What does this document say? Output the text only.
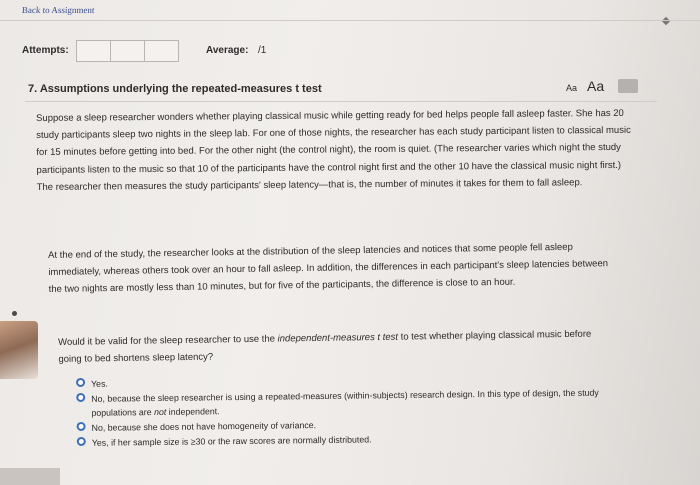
Back to Assignment
Attempts:	Average: /1
7. Assumptions underlying the repeated-measures t test	Aa Aa
Suppose a sleep researcher wonders whether playing classical music while getting ready for bed helps people fall asleep faster. She has 20 study participants sleep two nights in the sleep lab. For one of those nights, the researcher has each study participant listen to classical music for 15 minutes before getting into bed. For the other night (the control night), the room is quiet. (The researcher varies which night the study participants listen to the music so that 10 of the participants have the control night first and the other 10 have the classical music night first.) The researcher then measures the study participants' sleep latency—that is, the number of minutes it takes for them to fall asleep.
At the end of the study, the researcher looks at the distribution of the sleep latencies and notices that some people fell asleep immediately, whereas others took over an hour to fall asleep. In addition, the differences in each participant's sleep latencies between the two nights are mostly less than 10 minutes, but for five of the participants, the difference is close to an hour.
Would it be valid for the sleep researcher to use the independent-measures t test to test whether playing classical music before going to bed shortens sleep latency?
Yes.
No, because the sleep researcher is using a repeated-measures (within-subjects) research design. In this type of design, the study populations are not independent.
No, because she does not have homogeneity of variance.
Yes, if her sample size is ≥30 or the raw scores are normally distributed.
